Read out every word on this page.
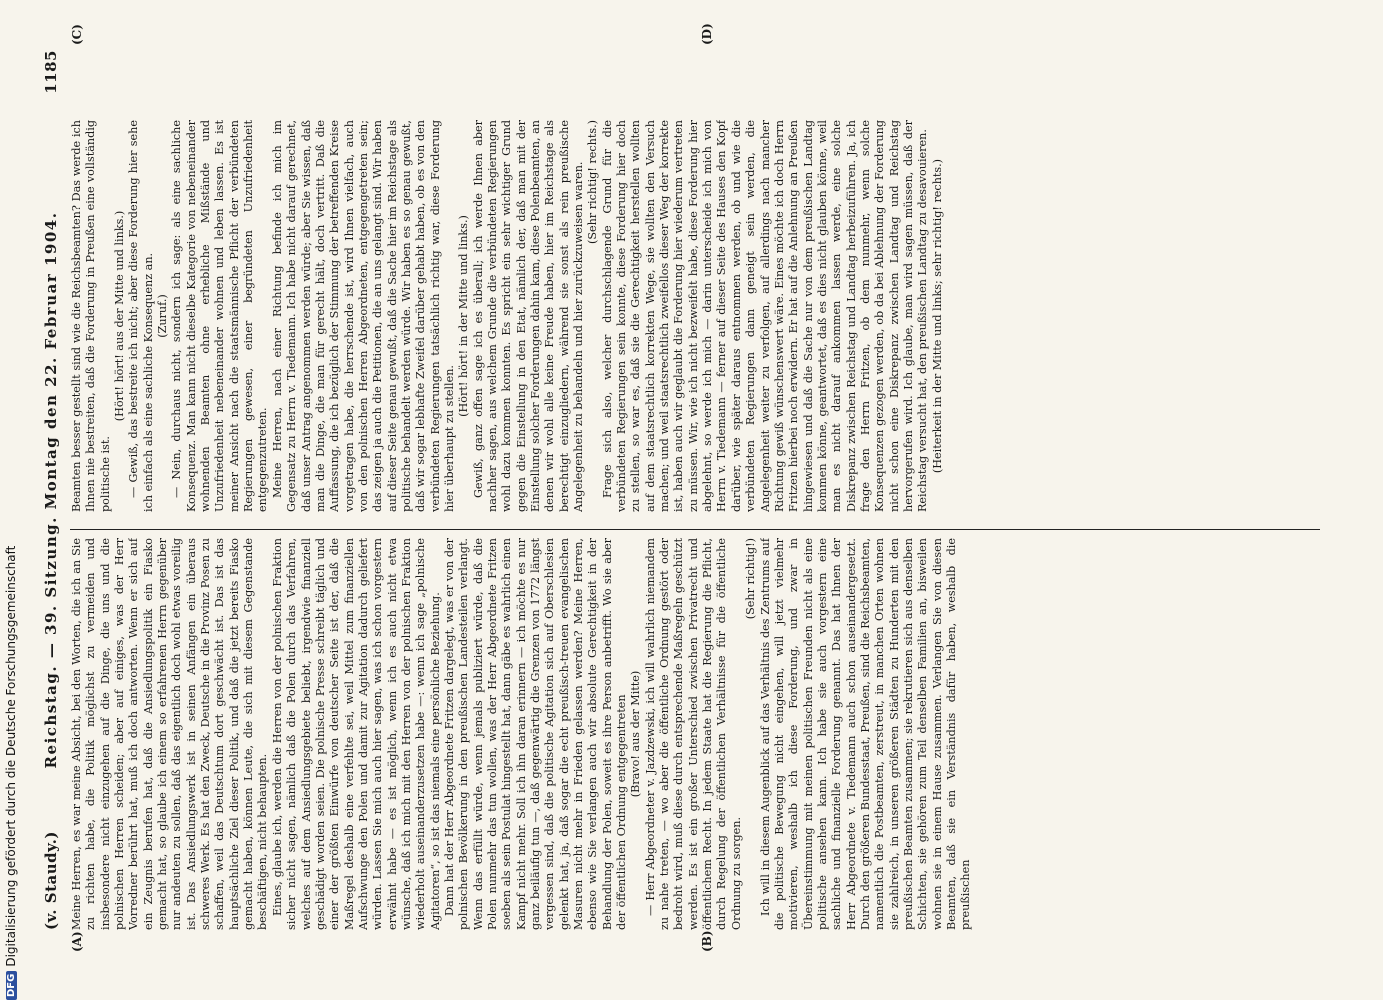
(v. Staudy.)
Reichstag. — 39. Sitzung. Montag den 22. Februar 1904.
1185
(A)	(B)
(C)	(D)

Meine Herren, es war meine Absicht, bei den Worten, die ich an Sie zu richten habe, die Politik möglichst zu vermeiden und insbesondere nicht einzugehen auf die Dinge, die uns und die polnischen Herren scheiden; aber auf einiges, was der Herr Vorredner berührt hat, muß ich doch antworten. Wenn er sich auf ein Zeugnis berufen hat, daß die Ansiedlungspolitik ein Fiasko gemacht hat, so glaube ich einem so erfahrenen Herrn gegenüber nur andeuten zu sollen, daß das eigentlich doch wohl etwas voreilig ist. Das Ansiedlungswerk ist in seinen Anfängen ein überaus schweres Werk. Es hat den Zweck, Deutsche in die Provinz Posen zu schaffen, weil das Deutschtum dort geschwächt ist. Das ist das hauptsächliche Ziel dieser Politik, und daß die jetzt bereits Fiasko gemacht haben, können Leute, die sich mit diesem Gegenstande beschäftigen, nicht behaupten. Eines, glaube ich, werden die Herren von der polnischen Fraktion sicher nicht sagen, nämlich daß die Polen durch das Verfahren, welches auf dem Ansiedlungsgebiete beliebt, irgendwie finanziell geschädigt worden seien. Die polnische Presse schreibt täglich und einer der größten Einwürfe von deutscher Seite ist der, daß die Maßregel deshalb eine verfehlte sei, weil Mittel zum finanziellen Aufschwunge den Polen und damit zur Agitation dadurch geliefert würden. Lassen Sie mich auch hier sagen, was ich schon vorgestern erwähnt habe — es ist möglich, wenn ich es auch nicht etwa wünsche, daß ich mich mit den Herren von der polnischen Fraktion wiederholt auseinanderzusetzen habe —: wenn ich sage „polnische Agitatoren“, so ist das niemals eine persönliche Beziehung. Dann hat der Herr Abgeordnete Fritzen dargelegt, was er von der polnischen Bevölkerung in den preußischen Landesteilen verlangt. Wenn das erfüllt würde, wenn jemals publiziert würde, daß die Polen nunmehr das tun wollen, was der Herr Abgeordnete Fritzen soeben als sein Postulat hingestellt hat, dann gäbe es wahrlich einen Kampf nicht mehr. Soll ich ihn daran erinnern — ich möchte es nur ganz beiläufig tun —, daß gegenwärtig die Grenzen von 1772 längst vergessen sind, daß die politische Agitation sich auf Oberschlesien gelenkt hat, ja, daß sogar die echt preußisch-treuen evangelischen Masuren nicht mehr in Frieden gelassen werden? Meine Herren, ebenso wie Sie verlangen auch wir absolute Gerechtigkeit in der Behandlung der Polen, soweit es ihre Person anbetrifft. Wo sie aber der öffentlichen Ordnung entgegentreten (Bravo! aus der Mitte) — Herr Abgeordneter v. Jazdzewski, ich will wahrlich niemandem zu nahe treten, — wo aber die öffentliche Ordnung gestört oder bedroht wird, muß diese durch entsprechende Maßregeln geschützt werden. Es ist ein großer Unterschied zwischen Privatrecht und öffentlichem Recht. In jedem Staate hat die Regierung die Pflicht, durch Regelung der öffentlichen Verhältnisse für die öffentliche Ordnung zu sorgen.

(Sehr richtig!) Ich will in diesem Augenblick auf das Verhältnis des Zentrums auf die politische Bewegung nicht eingehen, will jetzt vielmehr motivieren, weshalb ich diese Forderung, und zwar in Übereinstimmung mit meinen politischen Freunden nicht als eine politische ansehen kann. Ich habe sie auch vorgestern eine sachliche und finanzielle Forderung genannt. Das hat Ihnen der Herr Abgeordnete v. Tiedemann auch schon auseinandergesetzt. Durch den größeren Bundesstaat, Preußen, sind die Reichsbeamten, namentlich die Postbeamten, zerstreut, in manchen Orten wohnen sie zahlreich, in unseren größeren Städten zu Hunderten mit den preußischen Beamten zusammen; sie rekrutieren sich aus denselben Schichten, sie gehören zum Teil denselben Familien an, bisweilen wohnen sie in einem Hause zusammen. Verlangen Sie von diesen Beamten, daß sie ein Verständnis dafür haben, weshalb die preußischen

Beamten besser gestellt sind wie die Reichsbeamten? Das werde ich Ihnen nie bestreiten, daß die Forderung in Preußen eine vollständig politische ist.

(Hört! hört! aus der Mitte und links.) — Gewiß, das bestreite ich nicht; aber diese Forderung hier sehe ich einfach als eine sachliche Konsequenz an. (Zuruf.) — Nein, durchaus nicht, sondern ich sage: als eine sachliche Konsequenz. Man kann nicht dieselbe Kategorie von nebeneinander wohnenden Beamten ohne erhebliche Mißstände und Unzufriedenheit nebeneinander wohnen und leben lassen. Es ist meiner Ansicht nach die staatsmännische Pflicht der verbündeten Regierungen gewesen, einer begründeten Unzufriedenheit entgegenzutreten. Meine Herren, nach einer Richtung befinde ich mich im Gegensatz zu Herrn v. Tiedemann. Ich habe nicht darauf gerechnet, daß unser Antrag angenommen werden würde; aber Sie wissen, daß man die Dinge, die man für gerecht hält, doch vertritt. Daß die Auffassung, die ich bezüglich der Stimmung der betreffenden Kreise vorgetragen habe, die herrschende ist, wird Ihnen vielfach, auch von den polnischen Herren Abgeordneten, entgegengetreten sein; das zeigen ja auch die Petitionen, die an uns gelangt sind. Wir haben auf dieser Seite genau gewußt, daß die Sache hier im Reichstage als politische behandelt werden würde. Wir haben es so genau gewußt, daß wir sogar lebhafte Zweifel darüber gehabt haben, ob es von den verbündeten Regierungen tatsächlich richtig war, diese Forderung hier überhaupt zu stellen.

(Hört! hört! in der Mitte und links.) Gewiß, ganz offen sage ich es überall; ich werde Ihnen aber nachher sagen, aus welchem Grunde die verbündeten Regierungen wohl dazu kommen konnten. Es spricht ein sehr wichtiger Grund gegen die Einstellung in den Etat, nämlich der, daß man mit der Einstellung solcher Forderungen dahin kam, diese Polenbeamten, an denen wir wohl alle keine Freude haben, hier im Reichstage als berechtigt einzugliedern, während sie sonst als rein preußische Angelegenheit zu behandeln und hier zurückzuweisen waren. (Sehr richtig! rechts.) Frage sich also, welcher durchschlagende Grund für die verbündeten Regierungen sein konnte, diese Forderung hier doch zu stellen, so war es, daß sie die Gerechtigkeit herstellen wollten auf dem staatsrechtlich korrekten Wege, sie wollten den Versuch machen; und weil staatsrechtlich zweifellos dieser Weg der korrekte ist, haben auch wir geglaubt die Forderung hier wiederum vertreten zu müssen. Wir, wie ich nicht bezweifelt habe, diese Forderung hier abgelehnt, so werde ich mich — darin unterscheide ich mich von Herrn v. Tiedemann — ferner auf dieser Seite des Hauses den Kopf darüber, wie später daraus entnommen werden, ob und wie die verbündeten Regierungen dann geneigt sein werden, die Angelegenheit weiter zu verfolgen, auf allerdings nach mancher Richtung gewiß wünschenswert wäre. Eines möchte ich doch Herrn Fritzen hierbei noch erwidern. Er hat auf die Anlehnung an Preußen hingewiesen und daß die Sache nur von dem preußischen Landtag kommen könne, geantwortet, daß es dies nicht glauben könne, weil man es nicht darauf ankommen lassen werde, eine solche Diskrepanz zwischen Reichstag und Landtag herbeizuführen. Ja, ich frage den Herrn Fritzen, ob dem nunmehr, wenn solche Konsequenzen gezogen werden, ob da bei Ablehnung der Forderung nicht schon eine Diskrepanz zwischen Landtag und Reichstag hervorgerufen wird. Ich glaube, man wird sagen müssen, daß der Reichstag versucht hat, den preußischen Landtag zu desavouieren. (Heiterkeit in der Mitte und links; sehr richtig! rechts.)

DFGDigitalisierung gefördert durch die Deutsche Forschungsgemeinschaft
